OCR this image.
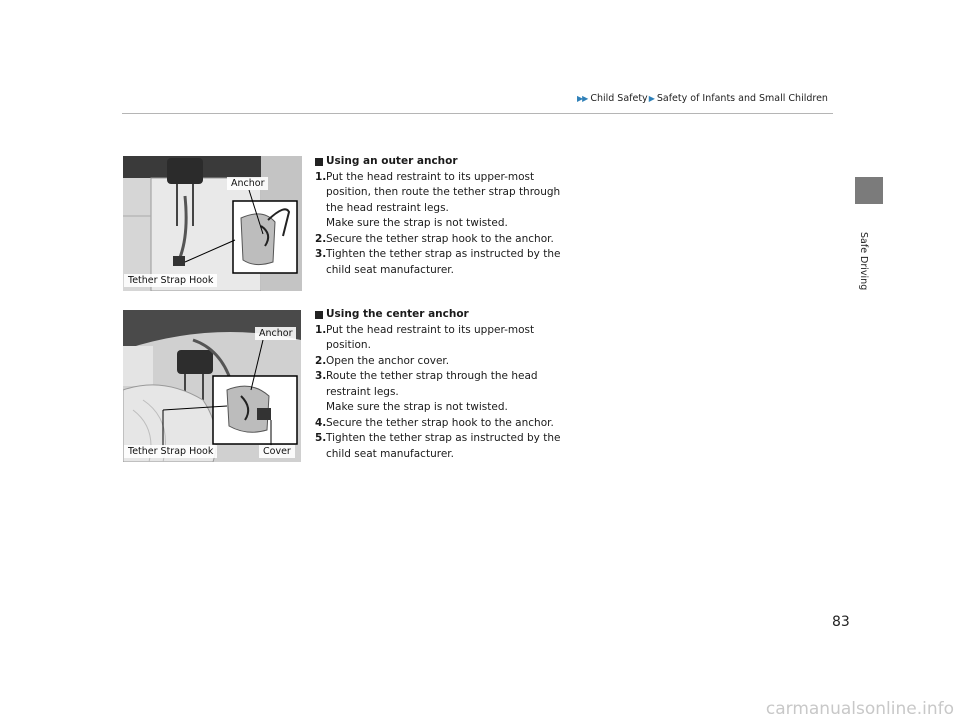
▶▶ Child Safety ▶ Safety of Infants and Small Children
Safe Driving
Anchor
Tether Strap Hook
Using an outer anchor
1. Put the head restraint to its upper-most position, then route the tether strap through the head restraint legs.
Make sure the strap is not twisted.
2. Secure the tether strap hook to the anchor.
3. Tighten the tether strap as instructed by the child seat manufacturer.
Anchor
Tether Strap Hook	Cover
Using the center anchor
1. Put the head restraint to its upper-most position.
2. Open the anchor cover.
3. Route the tether strap through the head restraint legs.
Make sure the strap is not twisted.
4. Secure the tether strap hook to the anchor.
5. Tighten the tether strap as instructed by the child seat manufacturer.
83
carmanualsonline.info
